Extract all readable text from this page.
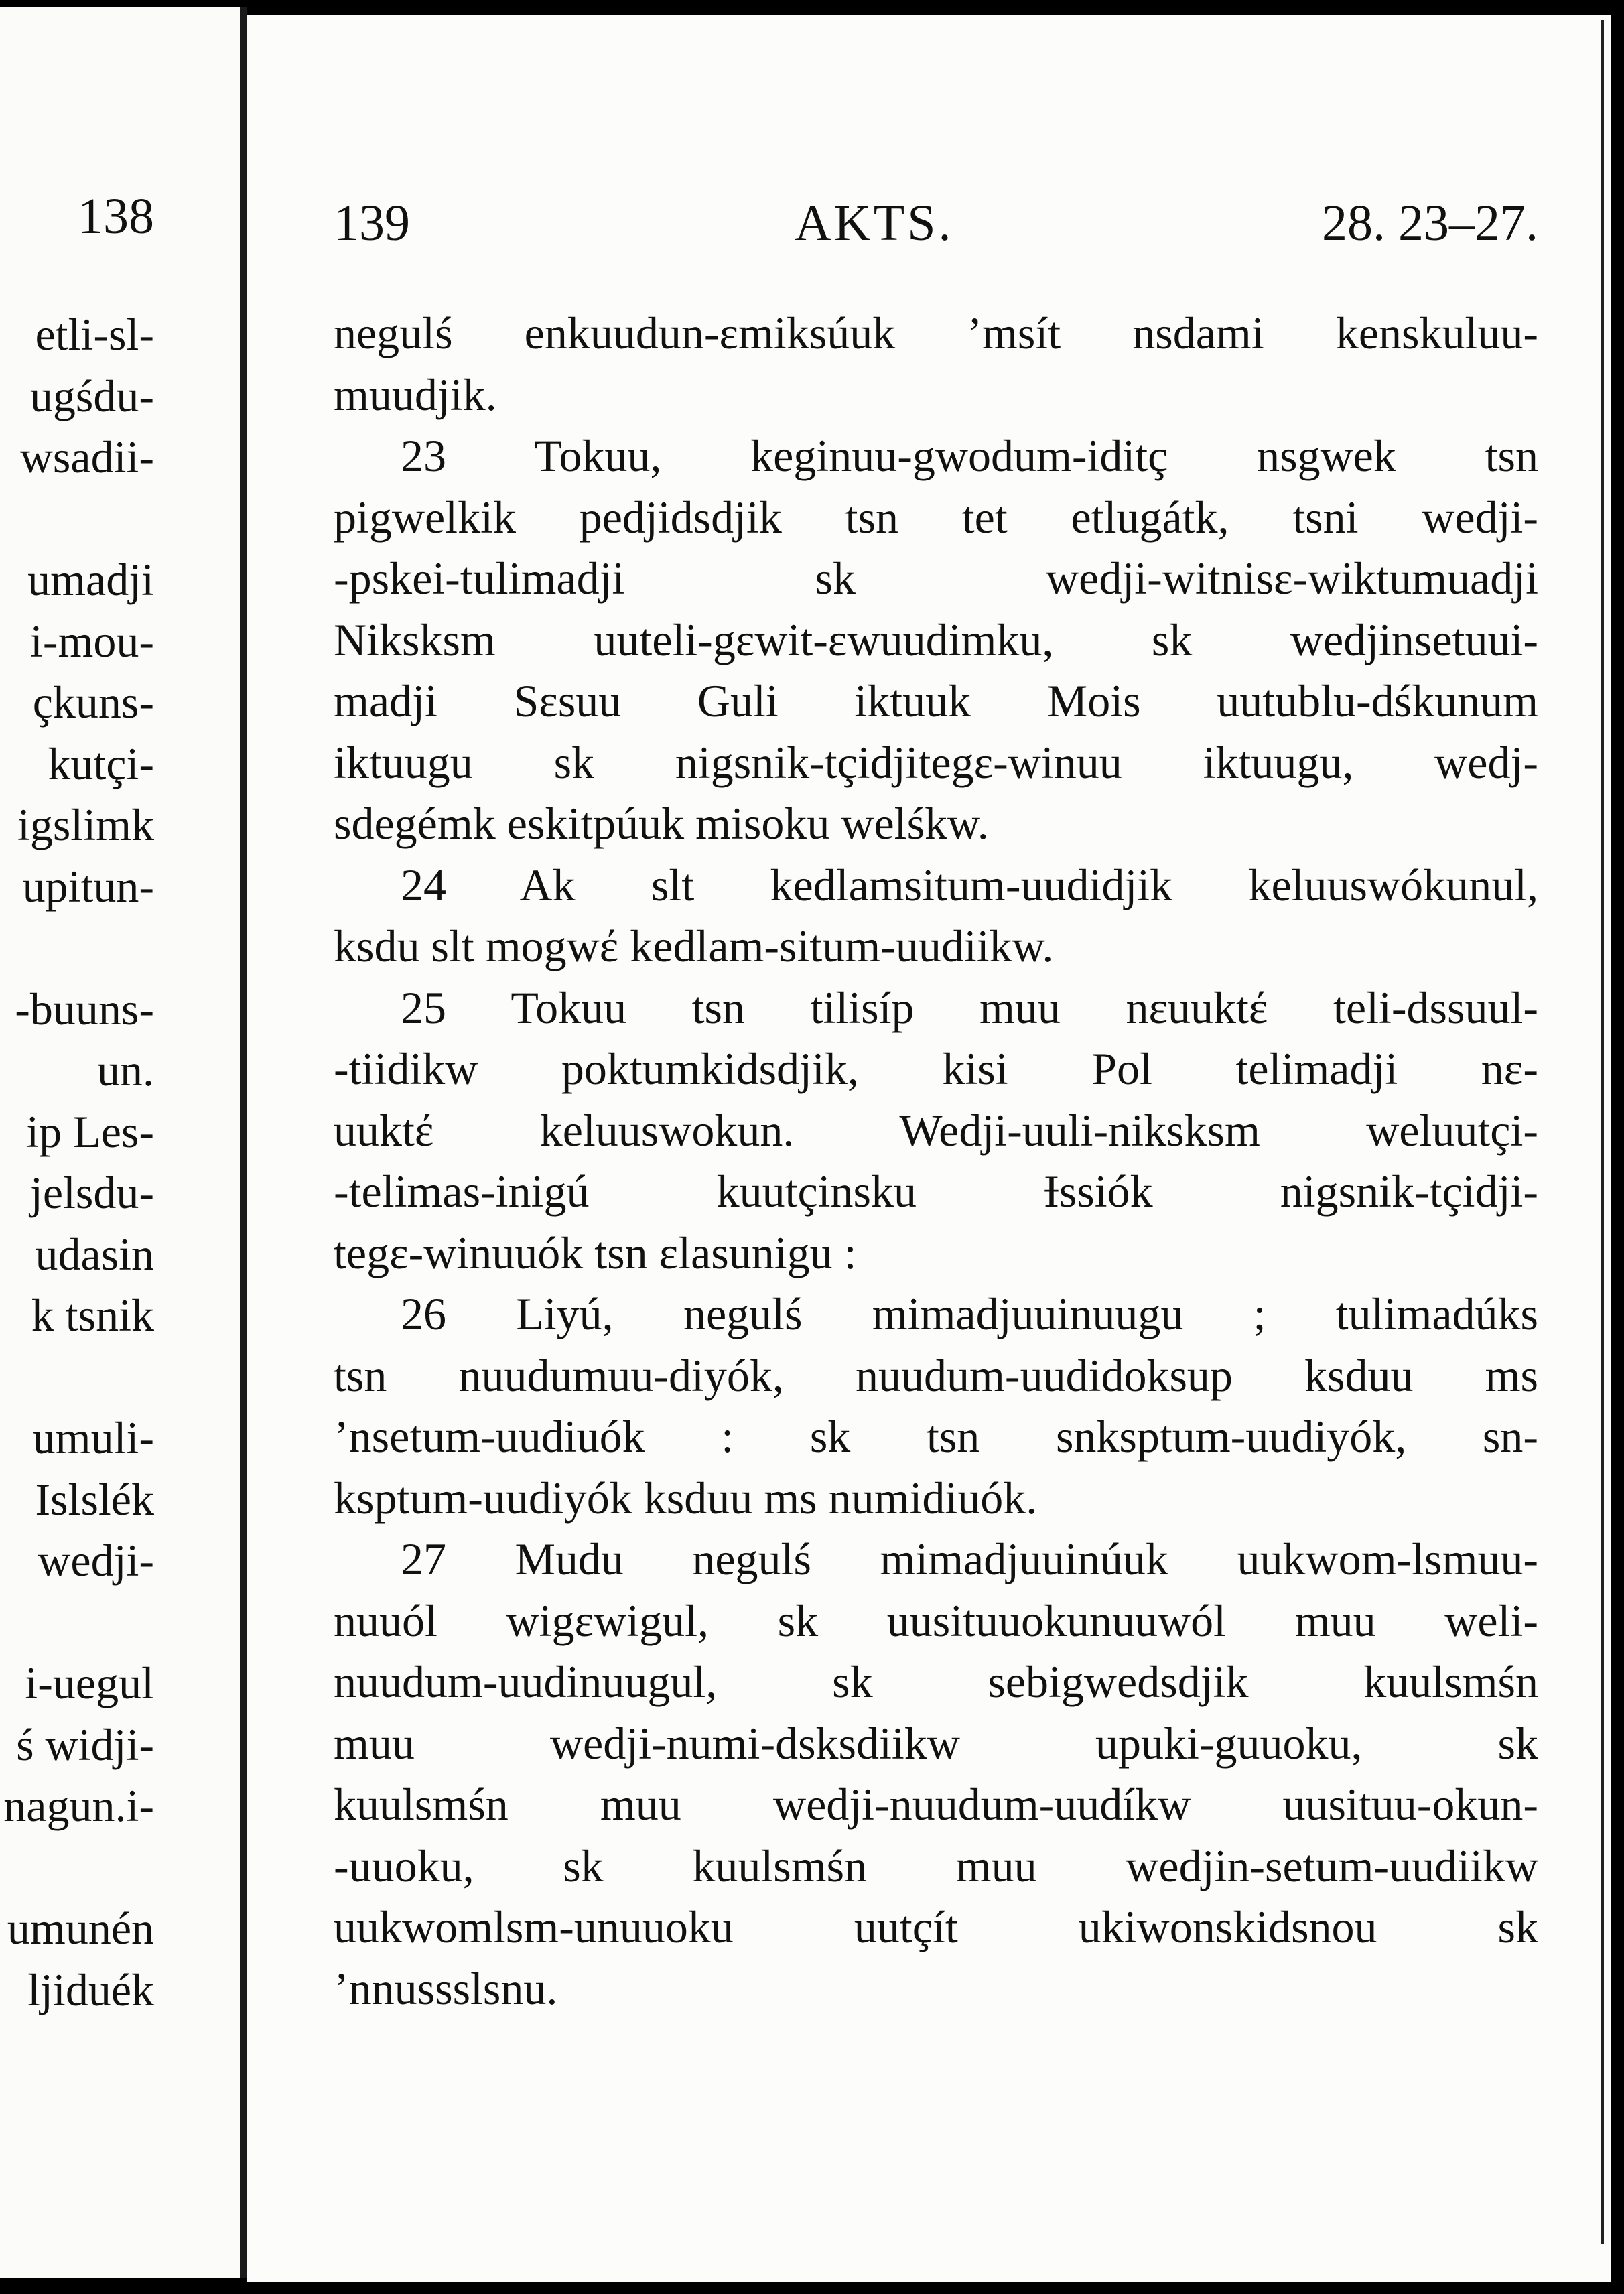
138
etli-sl-
ugśdu-
wsadii-
umadji
i-mou-
çkuns-
kutçi-
igslimk
upitun-
-buuns-
un.
ip Les-
jelsdu-
udasin
k tsnik
umuli-
Islslék
wedji-
i-uegul
ś widji-
nagun.i-
umunén
ljiduék
139	AKTS.	28. 23–27.
negulś enkuudun-εmiksúuk ’msít nsdami kenskuluu-
muudjik.
23 Tokuu, keginuu-gwodum-iditç nsgwek tsn
pigwelkik pedjidsdjik tsn tet etlugátk, tsni wedji-
-pskei-tulimadji sk wedji-witnisε-wiktumuadji
Niksksm uuteli-gεwit-εwuudimku, sk wedjinsetuui-
madji Sεsuu Guli iktuuk Mois uutublu-dśkunum
iktuugu sk nigsnik-tçidjitegε-winuu iktuugu, wedj-
sdegémk eskitpúuk misoku welśkw.
24 Ak slt kedlamsitum-uudidjik keluuswókunul,
ksdu slt mogwέ kedlam-situm-uudiikw.
25 Tokuu tsn tilisíp muu nεuuktέ teli-dssuul-
-tiidikw poktumkidsdjik, kisi Pol telimadji nε-
uuktέ keluuswokun. Wedji-uuli-niksksm weluutçi-
-telimas-inigú kuutçinsku Ɨssiók nigsnik-tçidji-
tegε-winuuók tsn εlasunigu :
26 Liyú, negulś mimadjuuinuugu ; tulimadúks
tsn nuudumuu-diyók, nuudum-uudidoksup ksduu ms
’nsetum-uudiuók : sk tsn snksptum-uudiyók, sn-
ksptum-uudiyók ksduu ms numidiuók.
27 Mudu negulś mimadjuuinúuk uukwom-lsmuu-
nuuól wigεwigul, sk uusituuokunuuwól muu weli-
nuudum-uudinuugul, sk sebigwedsdjik kuulsmśn
muu wedji-numi-dsksdiikw upuki-guuoku, sk
kuulsmśn muu wedji-nuudum-uudíkw uusituu-okun-
-uuoku, sk kuulsmśn muu wedjin-setum-uudiikw
uukwomlsm-unuuoku uutçít ukiwonskidsnou sk
’nnussslsnu.
